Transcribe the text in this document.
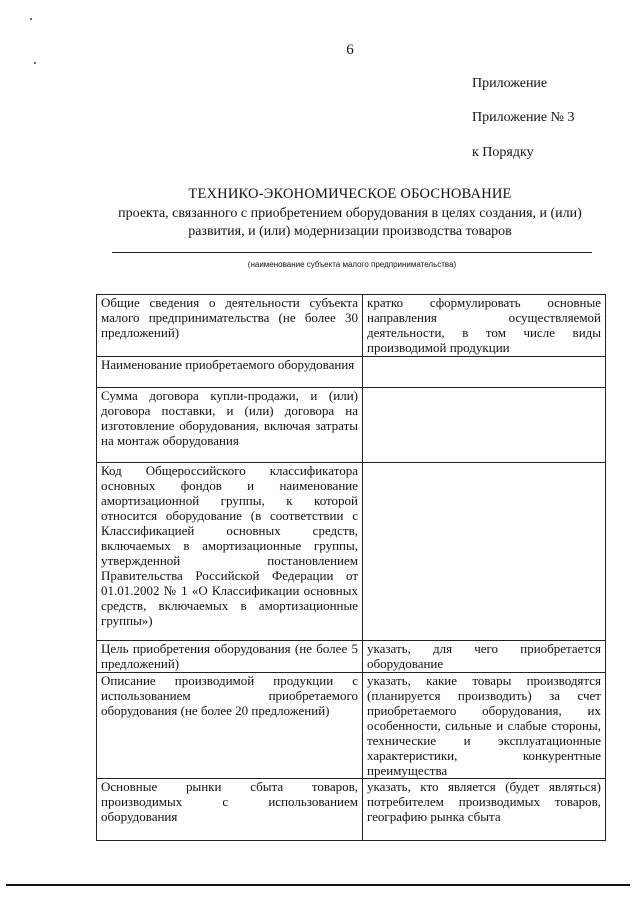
6
Приложение
Приложение № 3
к Порядку
ТЕХНИКО-ЭКОНОМИЧЕСКОЕ ОБОСНОВАНИЕ
проекта, связанного с приобретением оборудования в целях создания, и (или) развития, и (или) модернизации производства товаров
(наименование субъекта малого предпринимательства)
Общие сведения о деятельности субъекта малого предпринимательства (не более 30 предложений)	кратко сформулировать основные направления осуществляемой деятельности, в том числе виды производимой продукции
Наименование приобретаемого оборудования	
Сумма договора купли-продажи, и (или) договора поставки, и (или) договора на изготовление оборудования, включая затраты на монтаж оборудования	
Код Общероссийского классификатора основных фондов и наименование амортизационной группы, к которой относится оборудование (в соответствии с Классификацией основных средств, включаемых в амортизационные группы, утвержденной постановлением Правительства Российской Федерации от 01.01.2002 № 1 «О Классификации основных средств, включаемых в амортизационные группы»)	
Цель приобретения оборудования (не более 5 предложений)	указать, для чего приобретается оборудование
Описание производимой продукции с использованием приобретаемого оборудования (не более 20 предложений)	указать, какие товары производятся (планируется производить) за счет приобретаемого оборудования, их особенности, сильные и слабые стороны, технические и эксплуатационные характеристики, конкурентные преимущества
Основные рынки сбыта товаров, производимых с использованием оборудования	указать, кто является (будет являться) потребителем производимых товаров, географию рынка сбыта
